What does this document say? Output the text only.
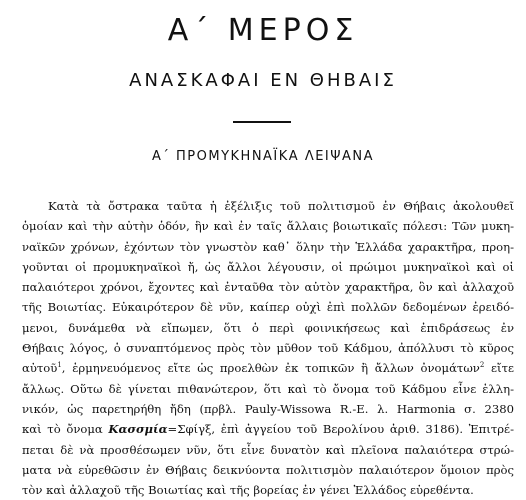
Α΄ ΜΕΡΟΣ
ΑΝΑΣΚΑΦΑΙ ΕΝ ΘΗΒΑΙΣ
Α΄ ΠΡΟΜΥΚΗΝΑΪΚΑ ΛΕΙΨΑΝΑ
Κατὰ τὰ ὄστρακα ταῦτα ἡ ἐξέλιξις τοῦ πολιτισμοῦ ἐν Θήβαις ἀκολουθεῖ
ὁμοίαν καὶ τὴν αὐτὴν ὁδόν, ἣν καὶ ἐν ταῖς ἄλλαις βοιωτικαῖς πόλεσι: Τῶν μυκη-
ναϊκῶν χρόνων, ἐχόντων τὸν γνωστὸν καθ᾽ ὅλην τὴν Ἑλλάδα χαρακτῆρα, προη-
γοῦνται οἱ προμυκηναϊκοὶ ἤ, ὡς ἄλλοι λέγουσιν, οἱ πρώιμοι μυκηναϊκοὶ καὶ οἱ
παλαιότεροι χρόνοι, ἔχοντες καὶ ἐνταῦθα τὸν αὐτὸν χαρακτῆρα, ὃν καὶ ἀλλαχοῦ
τῆς Βοιωτίας. Εὐκαιρότερον δὲ νῦν, καίπερ οὐχὶ ἐπὶ πολλῶν δεδομένων ἐρειδό-
μενοι, δυνάμεθα νὰ εἴπωμεν, ὅτι ὁ περὶ φοινικήσεως καὶ ἐπιδράσεως ἐν
Θήβαις λόγος, ὁ συναπτόμενος πρὸς τὸν μῦθον τοῦ Κάδμου, ἀπόλλυσι τὸ κῦρος
αὐτοῦ$^1$, ἑρμηνευόμενος εἴτε ὡς προελθὼν ἐκ τοπικῶν ἢ ἄλλων ὀνομάτων$^2$ εἴτε
ἄλλως. Οὕτω δὲ γίνεται πιθανώτερον, ὅτι καὶ τὸ ὄνομα τοῦ Κάδμου εἶνε ἑλλη-
νικόν, ὡς παρετηρήθη ἤδη (πρβλ. Pauly-Wissowa R.-E. λ. Harmonia σ. 2380
καὶ τὸ ὄνομα Κασσμία=Σφίγξ, ἐπὶ ἀγγείου τοῦ Βερολίνου ἀριθ. 3186). Ἐπιτρέ-
πεται δὲ νὰ προσθέσωμεν νῦν, ὅτι εἶνε δυνατὸν καὶ πλεῖονα παλαιότερα στρώ-
ματα νὰ εὑρεθῶσιν ἐν Θήβαις δεικνύοντα πολιτισμὸν παλαιότερον ὅμοιον πρὸς
τὸν καὶ ἀλλαχοῦ τῆς Βοιωτίας καὶ τῆς βορείας ἐν γένει Ἑλλάδος εὑρεθέντα.
